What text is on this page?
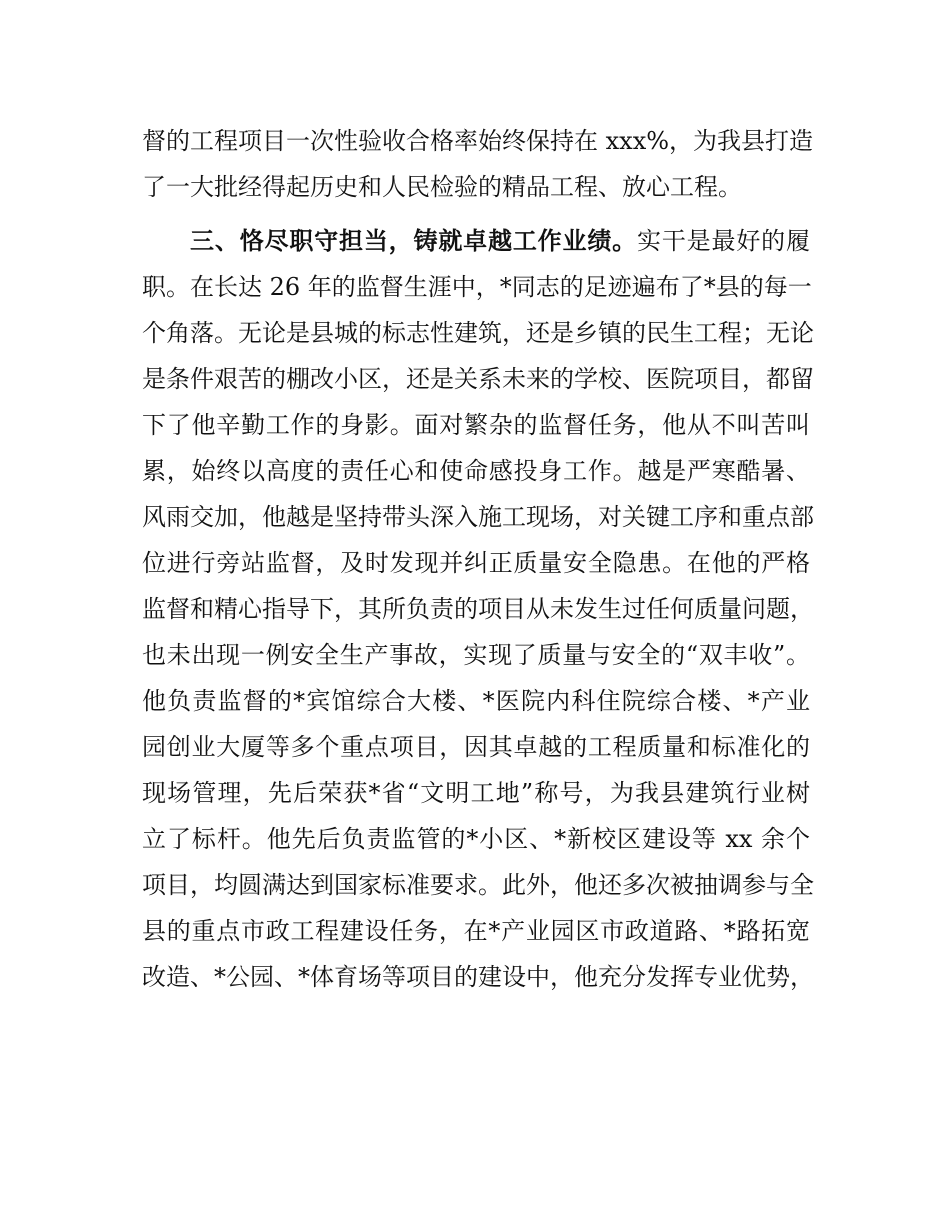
督的工程项目一次性验收合格率始终保持在 xxx%，为我县打造
了一大批经得起历史和人民检验的精品工程、放心工程。
三、恪尽职守担当，铸就卓越工作业绩。实干是最好的履
职。在长达 26 年的监督生涯中，*同志的足迹遍布了*县的每一
个角落。无论是县城的标志性建筑，还是乡镇的民生工程；无论
是条件艰苦的棚改小区，还是关系未来的学校、医院项目，都留
下了他辛勤工作的身影。面对繁杂的监督任务，他从不叫苦叫
累，始终以高度的责任心和使命感投身工作。越是严寒酷暑、
风雨交加，他越是坚持带头深入施工现场，对关键工序和重点部
位进行旁站监督，及时发现并纠正质量安全隐患。在他的严格
监督和精心指导下，其所负责的项目从未发生过任何质量问题，
也未出现一例安全生产事故，实现了质量与安全的“双丰收”。
他负责监督的*宾馆综合大楼、*医院内科住院综合楼、*产业
园创业大厦等多个重点项目，因其卓越的工程质量和标准化的
现场管理，先后荣获*省“文明工地”称号，为我县建筑行业树
立了标杆。他先后负责监管的*小区、*新校区建设等 xx 余个
项目，均圆满达到国家标准要求。此外，他还多次被抽调参与全
县的重点市政工程建设任务，在*产业园区市政道路、*路拓宽
改造、*公园、*体育场等项目的建设中，他充分发挥专业优势，
